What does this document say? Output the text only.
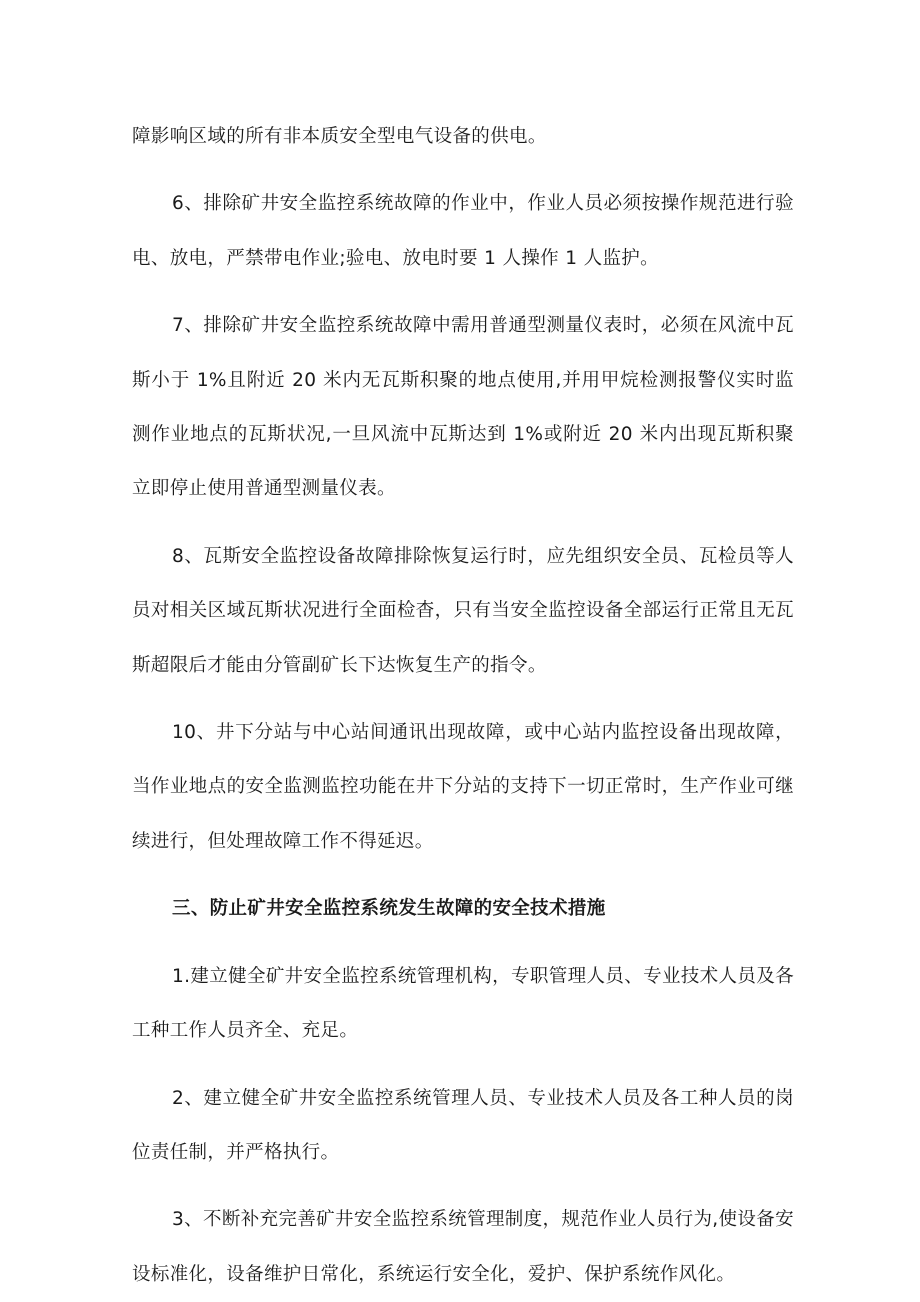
障影响区域的所有非本质安全型电气设备的供电。

6、排除矿井安全监控系统故障的作业中，作业人员必须按操作规范进行验电、放电，严禁带电作业;验电、放电时要 1 人操作 1 人监护。

7、排除矿井安全监控系统故障中需用普通型测量仪表时，必须在风流中瓦斯小于 1%且附近 20 米内无瓦斯积聚的地点使用,并用甲烷检测报警仪实时监测作业地点的瓦斯状况,一旦风流中瓦斯达到 1%或附近 20 米内出现瓦斯积聚立即停止使用普通型测量仪表。

8、瓦斯安全监控设备故障排除恢复运行时，应先组织安全员、瓦检员等人员对相关区域瓦斯状况进行全面检杳，只有当安全监控设备全部运行正常且无瓦斯超限后才能由分管副矿长下达恢复生产的指令。

10、井下分站与中心站间通讯出现故障，或中心站内监控设备出现故障，当作业地点的安全监测监控功能在井下分站的支持下一切正常时，生产作业可继续进行，但处理故障工作不得延迟。

三、防止矿井安全监控系统发生故障的安全技术措施

1.建立健全矿井安全监控系统管理机构，专职管理人员、专业技术人员及各工种工作人员齐全、充足。

2、建立健全矿井安全监控系统管理人员、专业技术人员及各工种人员的岗位责任制，并严格执行。

3、不断补充完善矿井安全监控系统管理制度，规范作业人员行为,使设备安设标准化，设备维护日常化，系统运行安全化，爱护、保护系统作风化。
